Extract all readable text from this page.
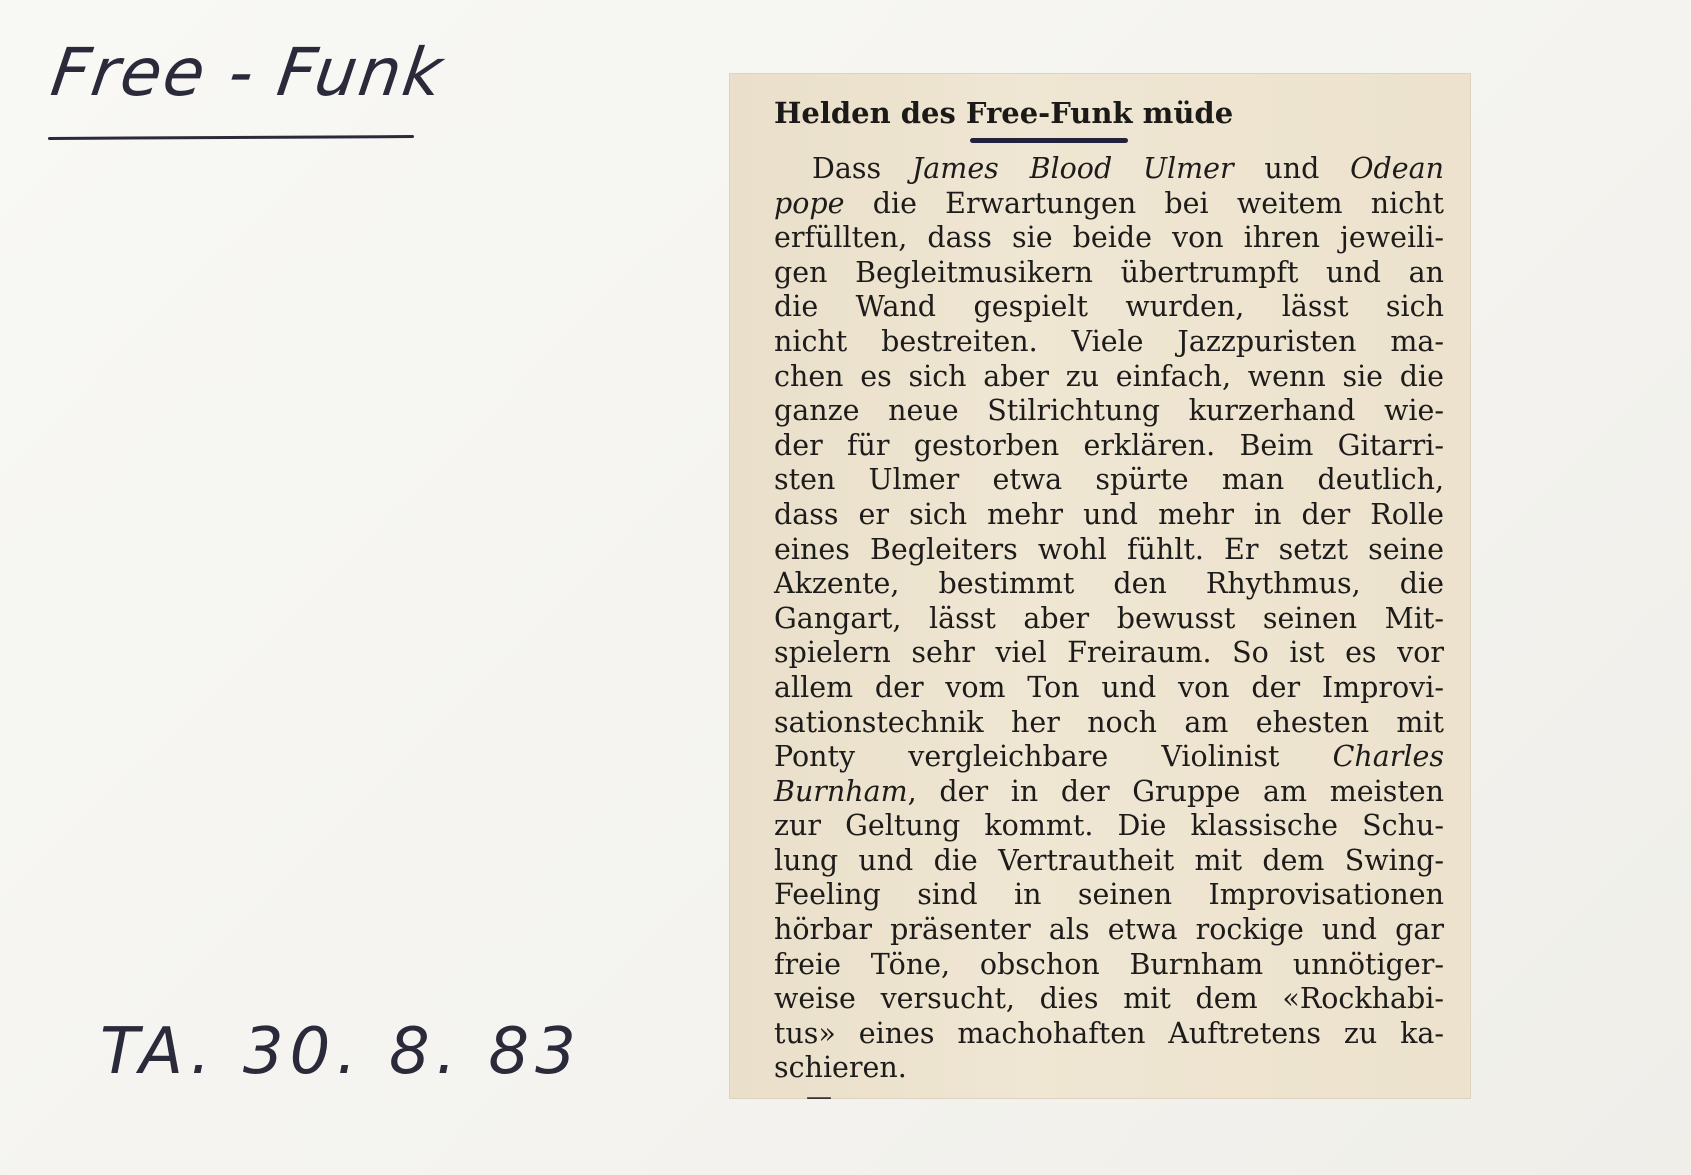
Free - Funk
Helden des Free-Funk müde
Dass James Blood Ulmer und Odean
pope die Erwartungen bei weitem nicht
erfüllten, dass sie beide von ihren jeweili-
gen Begleitmusikern übertrumpft und an
die Wand gespielt wurden, lässt sich
nicht bestreiten. Viele Jazzpuristen ma-
chen es sich aber zu einfach, wenn sie die
ganze neue Stilrichtung kurzerhand wie-
der für gestorben erklären. Beim Gitarri-
sten Ulmer etwa spürte man deutlich,
dass er sich mehr und mehr in der Rolle
eines Begleiters wohl fühlt. Er setzt seine
Akzente, bestimmt den Rhythmus, die
Gangart, lässt aber bewusst seinen Mit-
spielern sehr viel Freiraum. So ist es vor
allem der vom Ton und von der Improvi-
sationstechnik her noch am ehesten mit
Ponty vergleichbare Violinist Charles
Burnham, der in der Gruppe am meisten
zur Geltung kommt. Die klassische Schu-
lung und die Vertrautheit mit dem Swing-
Feeling sind in seinen Improvisationen
hörbar präsenter als etwa rockige und gar
freie Töne, obschon Burnham unnötiger-
weise versucht, dies mit dem «Rockhabi-
tus» eines machohaften Auftretens zu ka-
schieren.
—
TA. 30. 8. 83
